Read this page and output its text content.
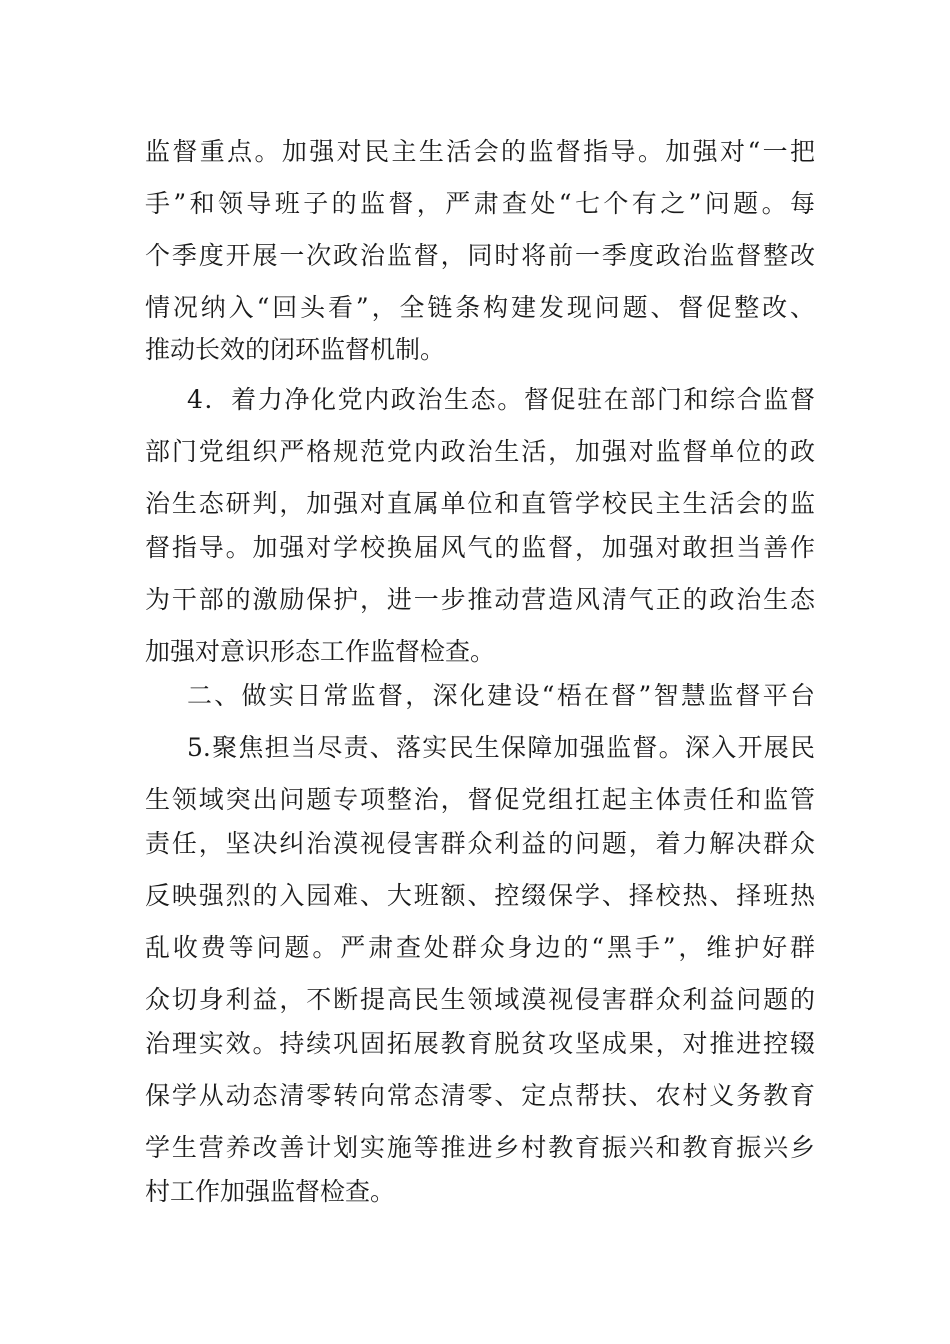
监督重点。加强对民主生活会的监督指导。加强对“一把
手”和领导班子的监督，严肃查处“七个有之”问题。每
个季度开展一次政治监督，同时将前一季度政治监督整改
情况纳入“回头看”，全链条构建发现问题、督促整改、
推动长效的闭环监督机制。
4．着力净化党内政治生态。督促驻在部门和综合监督
部门党组织严格规范党内政治生活，加强对监督单位的政
治生态研判，加强对直属单位和直管学校民主生活会的监
督指导。加强对学校换届风气的监督，加强对敢担当善作
为干部的激励保护，进一步推动营造风清气正的政治生态
加强对意识形态工作监督检查。
二、做实日常监督，深化建设“梧在督”智慧监督平台
5.聚焦担当尽责、落实民生保障加强监督。深入开展民
生领域突出问题专项整治，督促党组扛起主体责任和监管
责任，坚决纠治漠视侵害群众利益的问题，着力解决群众
反映强烈的入园难、大班额、控缀保学、择校热、择班热
乱收费等问题。严肃查处群众身边的“黑手”，维护好群
众切身利益，不断提高民生领域漠视侵害群众利益问题的
治理实效。持续巩固拓展教育脱贫攻坚成果，对推进控辍
保学从动态清零转向常态清零、定点帮扶、农村义务教育
学生营养改善计划实施等推进乡村教育振兴和教育振兴乡
村工作加强监督检查。
